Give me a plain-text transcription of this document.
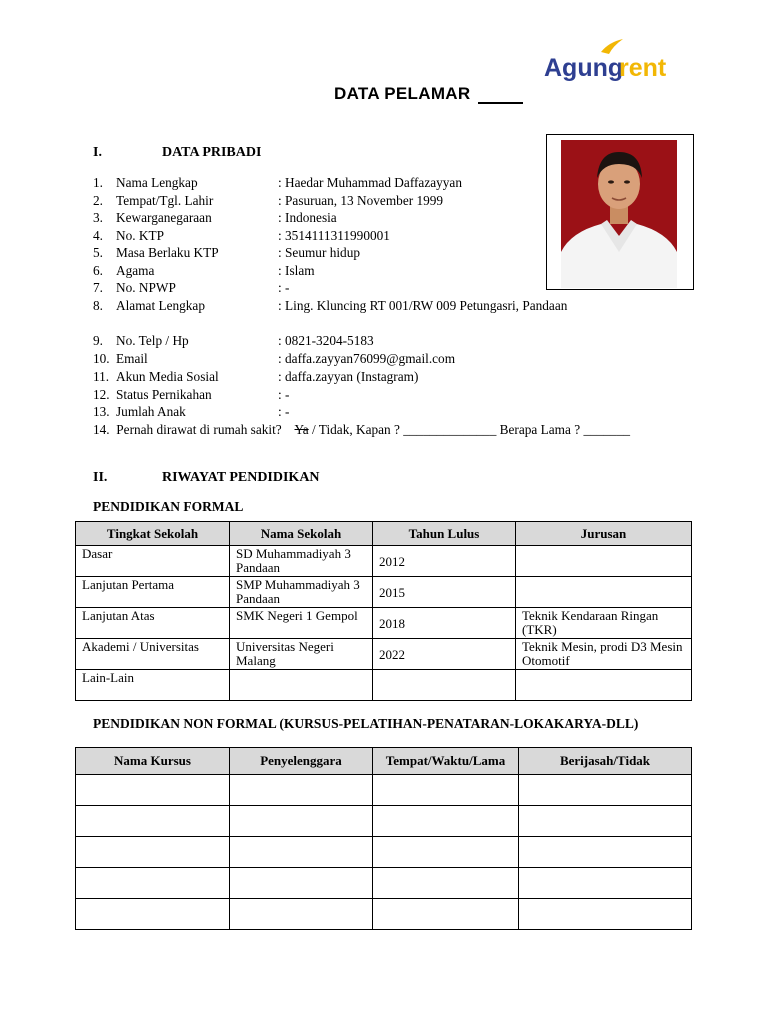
Agung
rent
DATA PELAMAR
I.	DATA PRIBADI
1. Nama Lengkap	: Haedar Muhammad Daffazayyan
2. Tempat/Tgl. Lahir	: Pasuruan, 13 November 1999
3. Kewarganegaraan	: Indonesia
4. No. KTP	: 3514111311990001
5. Masa Berlaku KTP	: Seumur hidup
6. Agama	: Islam
7. No. NPWP	: -
8. Alamat Lengkap	: Ling. Kluncing RT 001/RW 009 Petungasri, Pandaan
9. No. Telp / Hp	: 0821-3204-5183
10. Email	: daffa.zayyan76099@gmail.com
11. Akun Media Sosial	: daffa.zayyan (Instagram)
12. Status Pernikahan	: -
13. Jumlah Anak	: -
14. Pernah dirawat di rumah sakit? Ya / Tidak, Kapan ? ______________ Berapa Lama ? _______
II.	RIWAYAT PENDIDIKAN
PENDIDIKAN FORMAL
Tingkat Sekolah	Nama Sekolah	Tahun Lulus	Jurusan
Dasar	SD Muhammadiyah 3 Pandaan	2012	
Lanjutan Pertama	SMP Muhammadiyah 3 Pandaan	2015	
Lanjutan Atas	SMK Negeri 1 Gempol	2018	Teknik Kendaraan Ringan (TKR)
Akademi / Universitas	Universitas Negeri Malang	2022	Teknik Mesin, prodi D3 Mesin Otomotif
Lain-Lain			
PENDIDIKAN NON FORMAL (KURSUS-PELATIHAN-PENATARAN-LOKAKARYA-DLL)
Nama Kursus	Penyelenggara	Tempat/Waktu/Lama	Berijasah/Tidak
